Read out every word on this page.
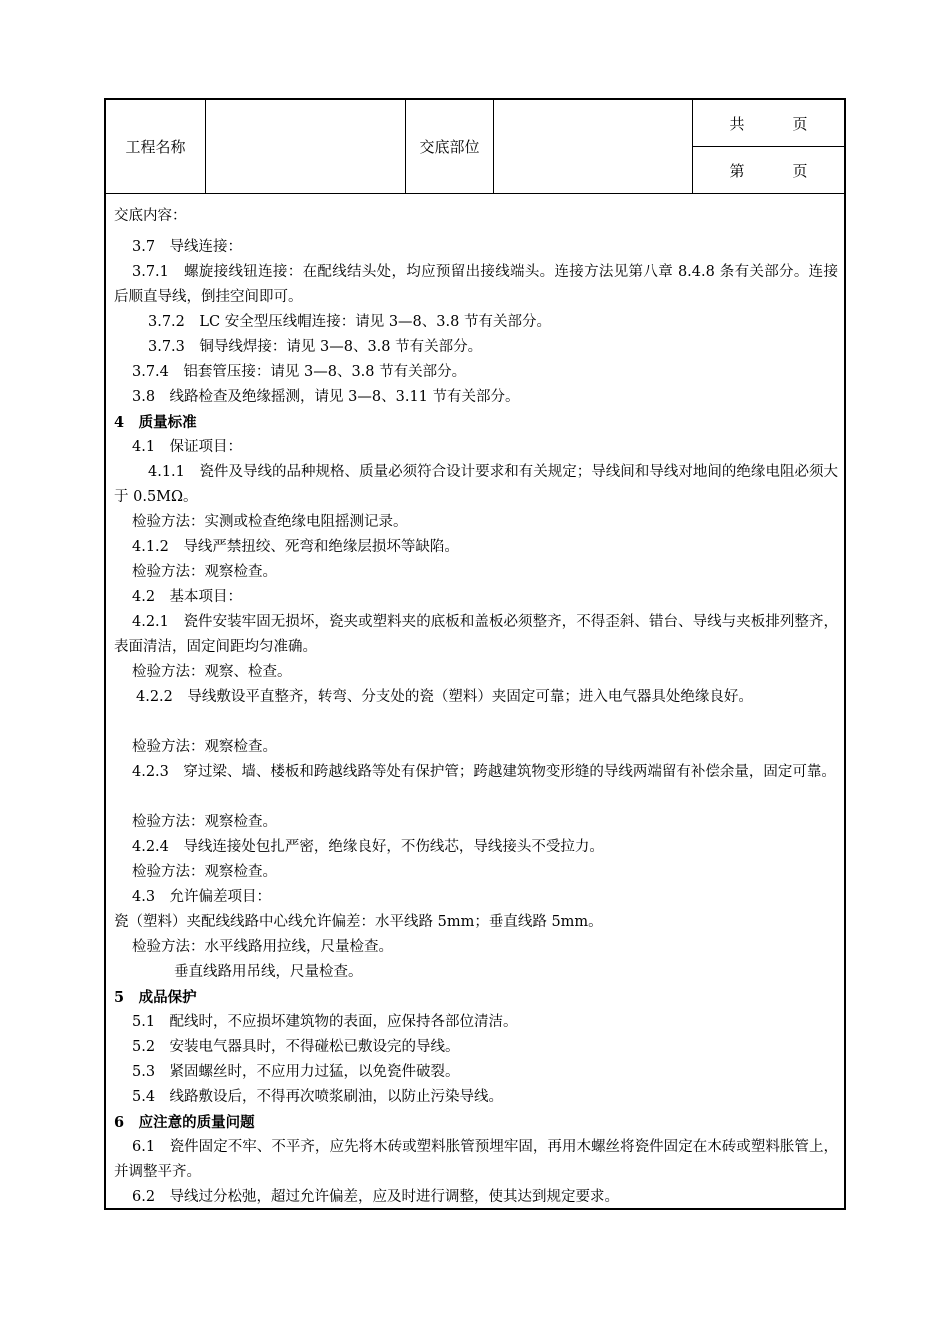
工程名称	交底部位
共	页
第	页
交底内容：
3.7　导线连接：
3.7.1　螺旋接线钮连接：在配线结头处，均应预留出接线端头。连接方法见第八章 8.4.8 条有关部分。连接后顺直导线，倒挂空间即可。
3.7.2　LC 安全型压线帽连接：请见 3—8、3.8 节有关部分。
3.7.3　铜导线焊接：请见 3—8、3.8 节有关部分。
3.7.4　铝套管压接：请见 3—8、3.8 节有关部分。
3.8　线路检查及绝缘摇测，请见 3—8、3.11 节有关部分。
4　质量标准
4.1　保证项目：
4.1.1　瓷件及导线的品种规格、质量必须符合设计要求和有关规定；导线间和导线对地间的绝缘电阻必须大于 0.5MΩ。
检验方法：实测或检查绝缘电阻摇测记录。
4.1.2　导线严禁扭绞、死弯和绝缘层损坏等缺陷。
检验方法：观察检查。
4.2　基本项目：
4.2.1　瓷件安装牢固无损坏，瓷夹或塑料夹的底板和盖板必须整齐，不得歪斜、错台、导线与夹板排列整齐，表面清洁，固定间距均匀准确。
检验方法：观察、检查。
4.2.2　导线敷设平直整齐，转弯、分支处的瓷（塑料）夹固定可靠；进入电气器具处绝缘良好。
检验方法：观察检查。
4.2.3　穿过梁、墙、楼板和跨越线路等处有保护管；跨越建筑物变形缝的导线两端留有补偿余量，固定可靠。
检验方法：观察检查。
4.2.4　导线连接处包扎严密，绝缘良好，不伤线芯，导线接头不受拉力。
检验方法：观察检查。
4.3　允许偏差项目：
瓷（塑料）夹配线线路中心线允许偏差：水平线路 5mm；垂直线路 5mm。
检验方法：水平线路用拉线，尺量检查。
垂直线路用吊线，尺量检查。
5　成品保护
5.1　配线时，不应损坏建筑物的表面，应保持各部位清洁。
5.2　安装电气器具时，不得碰松已敷设完的导线。
5.3　紧固螺丝时，不应用力过猛，以免瓷件破裂。
5.4　线路敷设后，不得再次喷浆刷油，以防止污染导线。
6　应注意的质量问题
6.1　瓷件固定不牢、不平齐，应先将木砖或塑料胀管预埋牢固，再用木螺丝将瓷件固定在木砖或塑料胀管上，并调整平齐。
6.2　导线过分松弛，超过允许偏差，应及时进行调整，使其达到规定要求。
